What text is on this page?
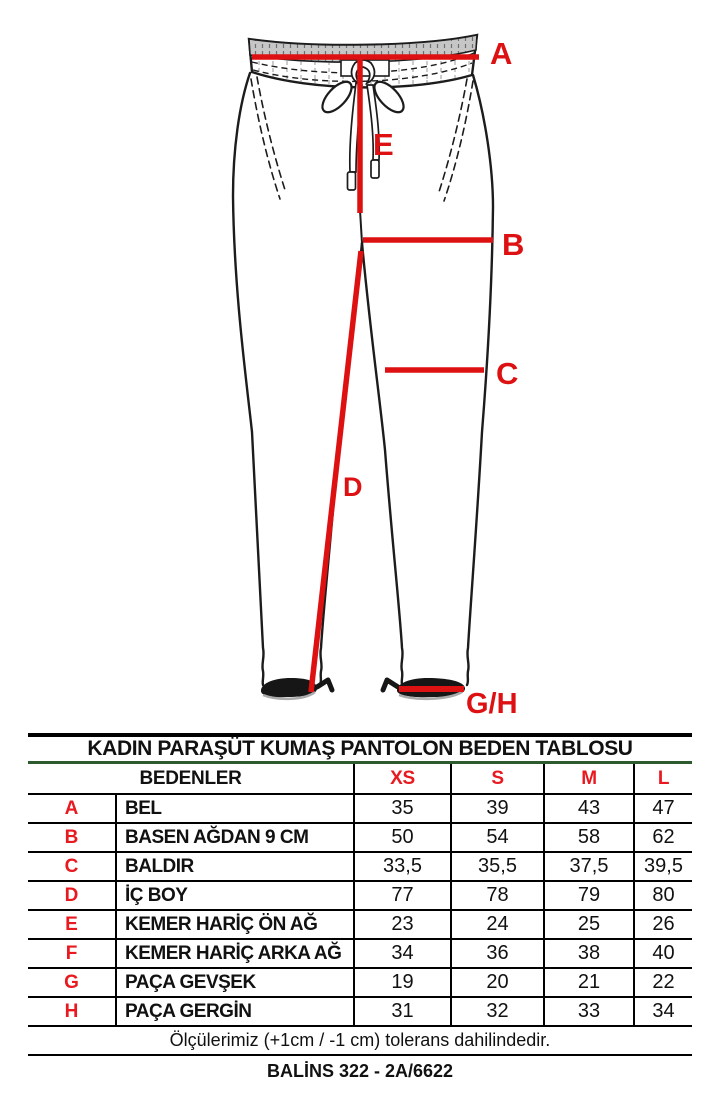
A
E
B
C
D
G/H
KADIN PARAŞÜT KUMAŞ PANTOLON BEDEN TABLOSU
BEDENLER	XS	S	M	L
A	BEL	35	39	43	47
B	BASEN AĞDAN 9 CM	50	54	58	62
C	BALDIR	33,5	35,5	37,5	39,5
D	İÇ BOY	77	78	79	80
E	KEMER HARİÇ ÖN AĞ	23	24	25	26
F	KEMER HARİÇ ARKA AĞ	34	36	38	40
G	PAÇA GEVŞEK	19	20	21	22
H	PAÇA GERGİN	31	32	33	34
Ölçülerimiz (+1cm / -1 cm) tolerans dahilindedir.
BALİNS 322 - 2A/6622
